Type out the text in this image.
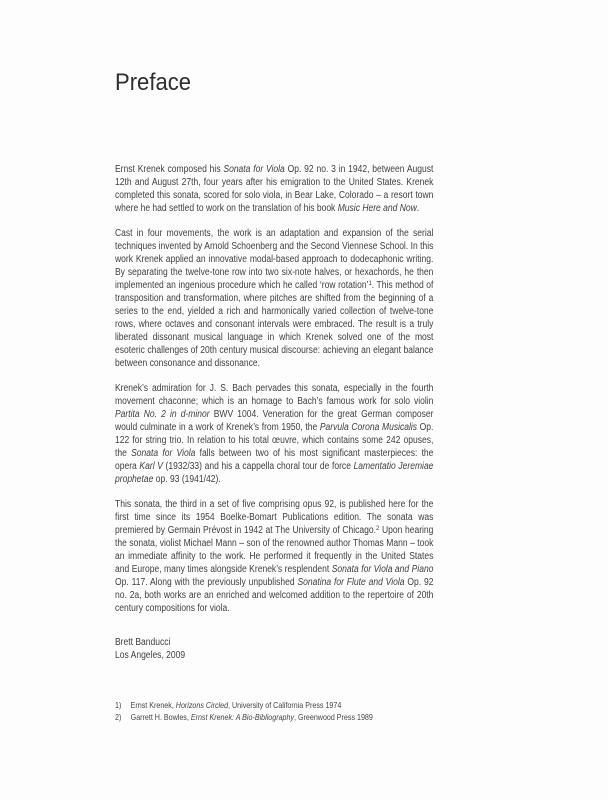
Preface

Ernst Krenek composed his Sonata for Viola Op. 92 no. 3 in 1942, between August 12th and August 27th, four years after his emigration to the United States. Krenek completed this sonata, scored for solo viola, in Bear Lake, Colorado – a resort town where he had settled to work on the translation of his book Music Here and Now.

Cast in four movements, the work is an adaptation and expansion of the serial techniques invented by Arnold Schoenberg and the Second Viennese School. In this work Krenek applied an innovative modal-based approach to dodecaphonic writing. By separating the twelve-tone row into two six-note halves, or hexachords, he then implemented an ingenious procedure which he called ‘row rotation’$^1$. This method of transposition and transformation, where pitches are shifted from the beginning of a series to the end, yielded a rich and harmonically varied collection of twelve-tone rows, where octaves and consonant intervals were embraced. The result is a truly liberated dissonant musical language in which Krenek solved one of the most esoteric challenges of 20th century musical discourse: achieving an elegant balance between consonance and dissonance.

Krenek’s admiration for J. S. Bach pervades this sonata, especially in the fourth movement chaconne; which is an homage to Bach’s famous work for solo violin Partita No. 2 in d-minor BWV 1004. Veneration for the great German composer would culminate in a work of Krenek’s from 1950, the Parvula Corona Musicalis Op. 122 for string trio. In relation to his total œuvre, which contains some 242 opuses, the Sonata for Viola falls between two of his most significant masterpieces: the opera Karl V (1932/33) and his a cappella choral tour de force Lamentatio Jeremiae prophetae op. 93 (1941/42).

This sonata, the third in a set of five comprising opus 92, is published here for the first time since its 1954 Boelke-Bomart Publications edition. The sonata was premiered by Germain Prévost in 1942 at The University of Chicago.$^2$ Upon hearing the sonata, violist Michael Mann – son of the renowned author Thomas Mann – took an immediate affinity to the work. He performed it frequently in the United States and Europe, many times alongside Krenek’s resplendent Sonata for Viola and Piano Op. 117. Along with the previously unpublished Sonatina for Flute and Viola Op. 92 no. 2a, both works are an enriched and welcomed addition to the repertoire of 20th century compositions for viola.

Brett Banducci
Los Angeles, 2009
1)	Ernst Krenek, Horizons Circled, University of California Press 1974
2)	Garrett H. Bowles, Ernst Krenek: A Bio-Bibliography, Greenwood Press 1989
